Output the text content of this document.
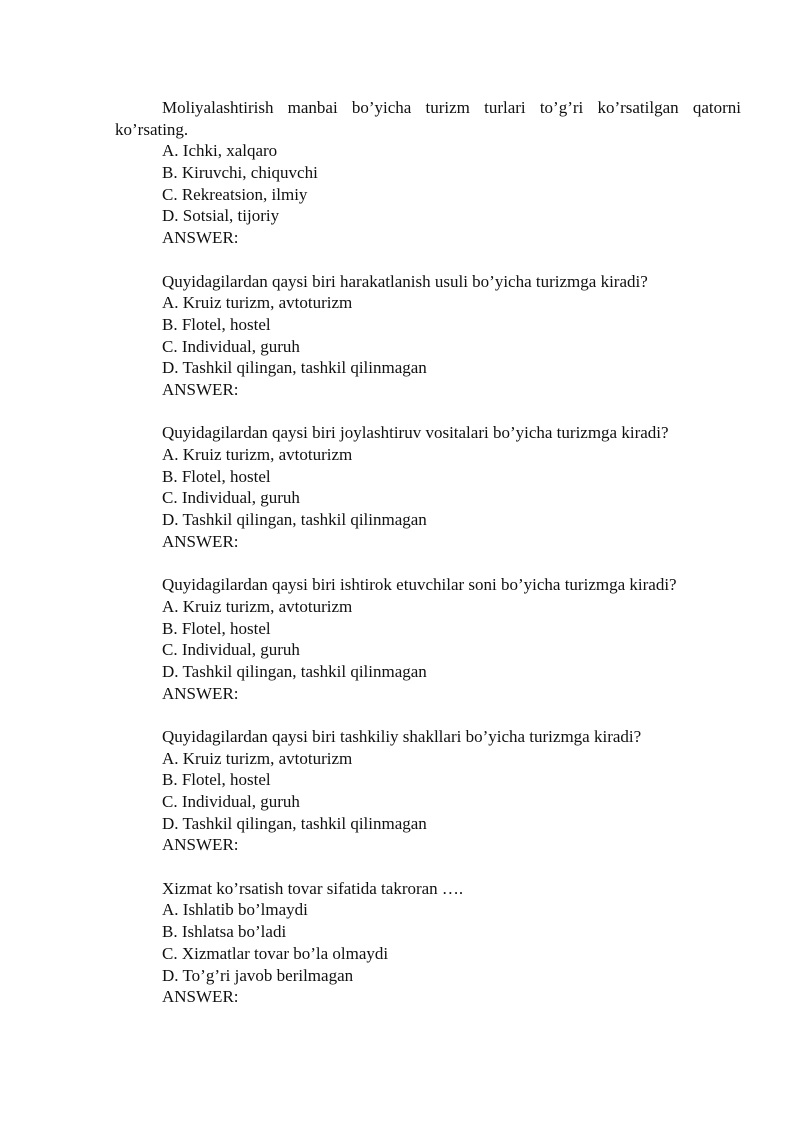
Moliyalashtirish manbai bo’yicha turizm turlari to’g’ri ko’rsatilgan qatorni ko’rsating.

A. Ichki, xalqaro

B. Kiruvchi, chiquvchi

C. Rekreatsion, ilmiy

D. Sotsial, tijoriy

ANSWER:

Quyidagilardan qaysi biri harakatlanish usuli bo’yicha turizmga kiradi?

A. Kruiz turizm, avtoturizm

B. Flotel, hostel

C. Individual, guruh

D. Tashkil qilingan, tashkil qilinmagan

ANSWER:

Quyidagilardan qaysi biri joylashtiruv vositalari bo’yicha turizmga kiradi?

A. Kruiz turizm, avtoturizm

B. Flotel, hostel

C. Individual, guruh

D. Tashkil qilingan, tashkil qilinmagan

ANSWER:

Quyidagilardan qaysi biri ishtirok etuvchilar soni bo’yicha turizmga kiradi?

A. Kruiz turizm, avtoturizm

B. Flotel, hostel

C. Individual, guruh

D. Tashkil qilingan, tashkil qilinmagan

ANSWER:

Quyidagilardan qaysi biri tashkiliy shakllari bo’yicha turizmga kiradi?

A. Kruiz turizm, avtoturizm

B. Flotel, hostel

C. Individual, guruh

D. Tashkil qilingan, tashkil qilinmagan

ANSWER:

Xizmat ko’rsatish tovar sifatida takroran ….

A. Ishlatib bo’lmaydi

B. Ishlatsa bo’ladi

C. Xizmatlar tovar bo’la olmaydi

D. To’g’ri javob berilmagan

ANSWER:
